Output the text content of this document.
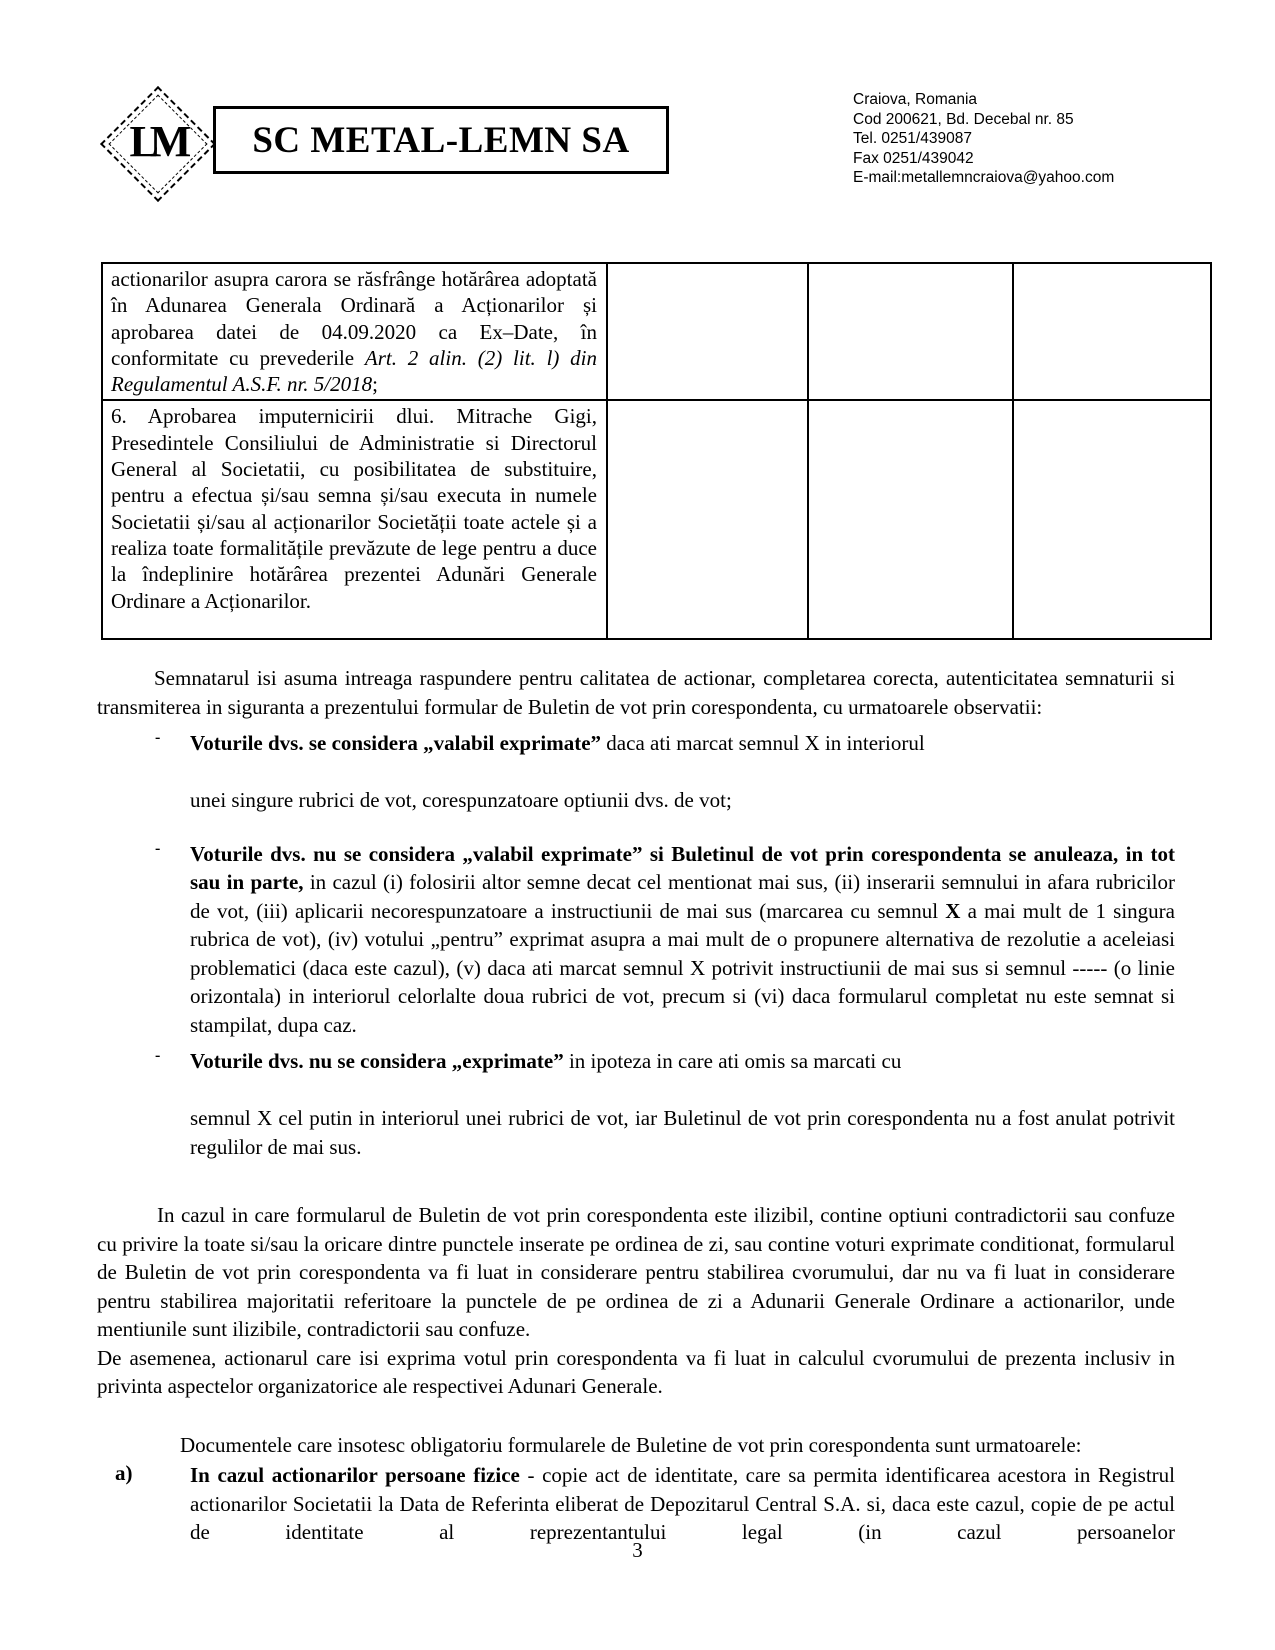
LM SC METAL-LEMN SA
Craiova, Romania
Cod 200621, Bd. Decebal nr. 85
Tel. 0251/439087
Fax 0251/439042
E-mail:metallemncraiova@yahoo.com
actionarilor asupra carora se răsfrânge hotărârea adoptată în Adunarea Generala Ordinară a Acționarilor și aprobarea datei de 04.09.2020 ca Ex–Date, în conformitate cu prevederile Art. 2 alin. (2) lit. l) din Regulamentul A.S.F. nr. 5/2018;			
6. Aprobarea imputernicirii dlui. Mitrache Gigi, Presedintele Consiliului de Administratie si Directorul General al Societatii, cu posibilitatea de substituire, pentru a efectua și/sau semna și/sau executa in numele Societatii și/sau al acționarilor Societății toate actele și a realiza toate formalitățile prevăzute de lege pentru a duce la îndeplinire hotărârea prezentei Adunări Generale Ordinare a Acționarilor.			

Semnatarul isi asuma intreaga raspundere pentru calitatea de actionar, completarea corecta, autenticitatea semnaturii si transmiterea in siguranta a prezentului formular de Buletin de vot prin corespondenta, cu urmatoarele observatii:

- Voturile dvs. se considera „valabil exprimate” daca ati marcat semnul X in interiorul

unei singure rubrici de vot, corespunzatoare optiunii dvs. de vot;

- Voturile dvs. nu se considera „valabil exprimate” si Buletinul de vot prin corespondenta se anuleaza, in tot sau in parte, in cazul (i) folosirii altor semne decat cel mentionat mai sus, (ii) inserarii semnului in afara rubricilor de vot, (iii) aplicarii necorespunzatoare a instructiunii de mai sus (marcarea cu semnul X a mai mult de 1 singura rubrica de vot), (iv) votului „pentru” exprimat asupra a mai mult de o propunere alternativa de rezolutie a aceleiasi problematici (daca este cazul), (v) daca ati marcat semnul X potrivit instructiunii de mai sus si semnul ----- (o linie orizontala) in interiorul celorlalte doua rubrici de vot, precum si (vi) daca formularul completat nu este semnat si stampilat, dupa caz.

- Voturile dvs. nu se considera „exprimate” in ipoteza in care ati omis sa marcati cu

semnul X cel putin in interiorul unei rubrici de vot, iar Buletinul de vot prin corespondenta nu a fost anulat potrivit regulilor de mai sus.

In cazul in care formularul de Buletin de vot prin corespondenta este ilizibil, contine optiuni contradictorii sau confuze cu privire la toate si/sau la oricare dintre punctele inserate pe ordinea de zi, sau contine voturi exprimate conditionat, formularul de Buletin de vot prin corespondenta va fi luat in considerare pentru stabilirea cvorumului, dar nu va fi luat in considerare pentru stabilirea majoritatii referitoare la punctele de pe ordinea de zi a Adunarii Generale Ordinare a actionarilor, unde mentiunile sunt ilizibile, contradictorii sau confuze.

De asemenea, actionarul care isi exprima votul prin corespondenta va fi luat in calculul cvorumului de prezenta inclusiv in privinta aspectelor organizatorice ale respectivei Adunari Generale.

Documentele care insotesc obligatoriu formularele de Buletine de vot prin corespondenta sunt urmatoarele:

a)	In cazul actionarilor persoane fizice - copie act de identitate, care sa permita identificarea acestora in Registrul actionarilor Societatii la Data de Referinta eliberat de Depozitarul Central S.A. si, daca este cazul, copie de pe actul de identitate al reprezentantului legal (in cazul persoanelor

3
